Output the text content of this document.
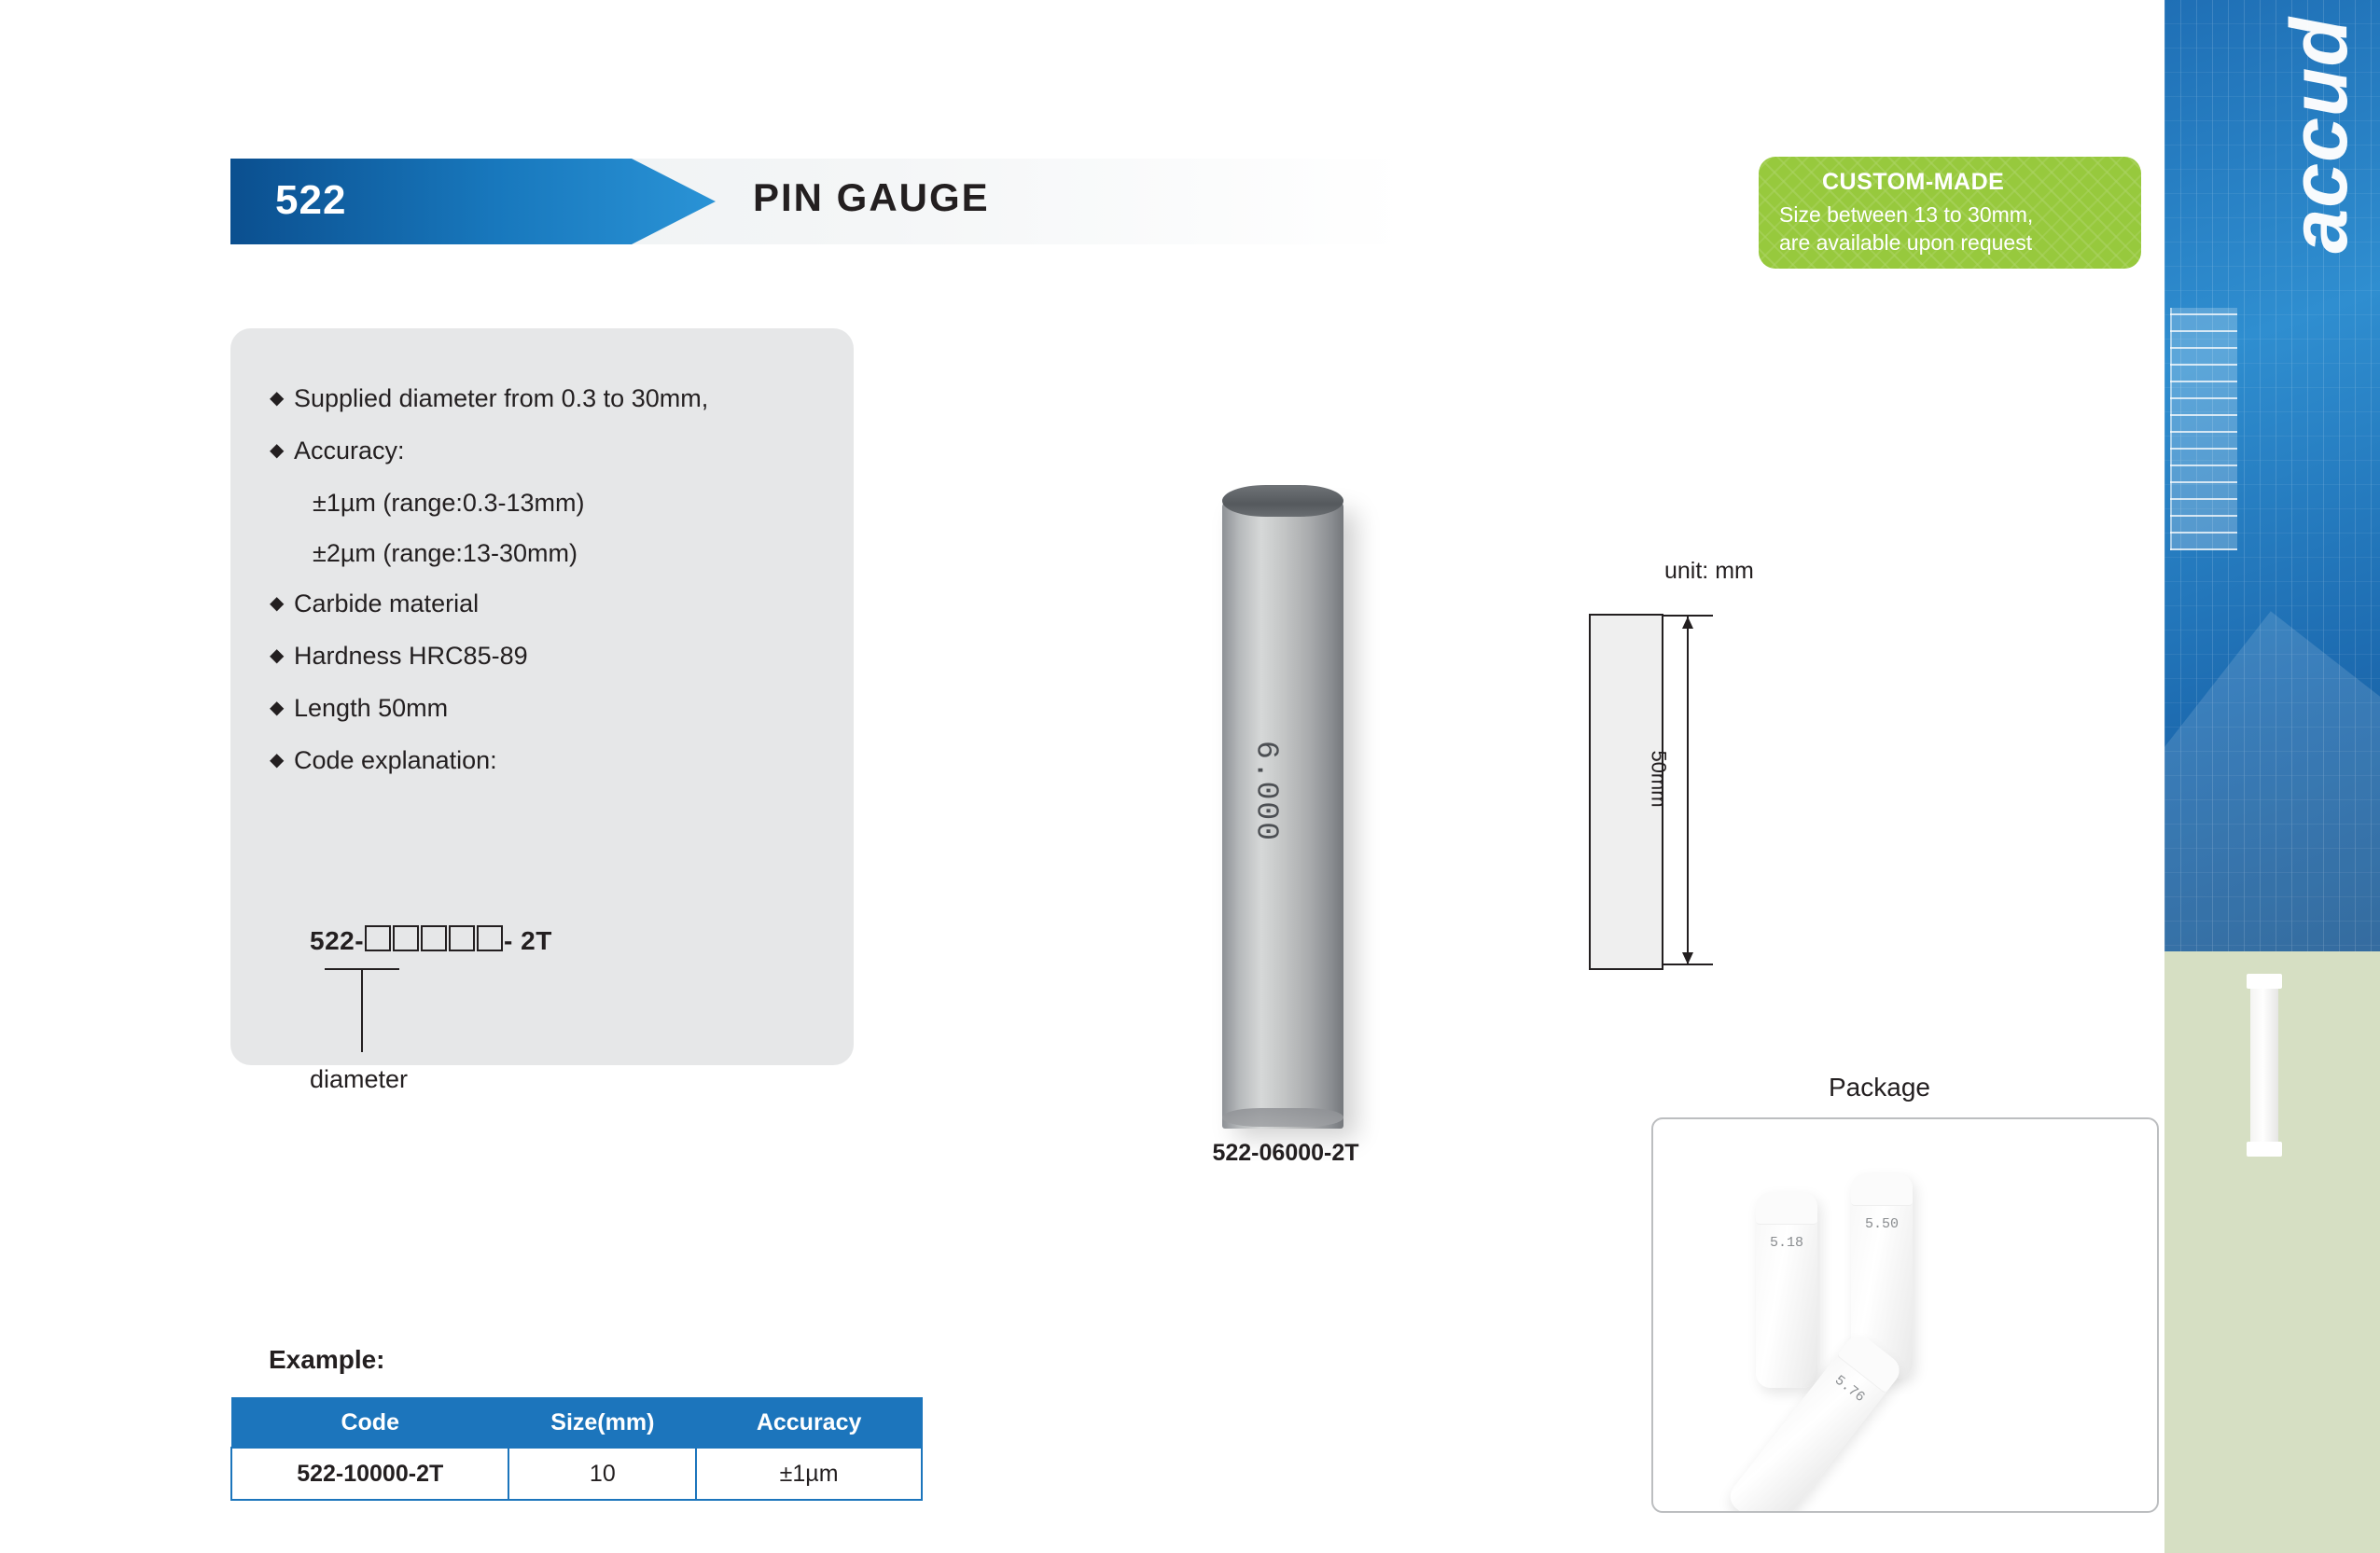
accud
522	PIN GAUGE	CUSTOM-MADE
Size between 13 to 30mm,
are available upon request
◆ Supplied diameter from 0.3 to 30mm,
◆ Accuracy:
±1µm (range:0.3-13mm)
±2µm (range:13-30mm)
◆ Carbide material
◆ Hardness HRC85-89
◆ Length 50mm
◆ Code explanation:
522-	- 2T
diameter
6.000
522-06000-2T
unit: mm
50mm
Package
5.18
5.50
5.76
Example:
Code	Size(mm)	Accuracy
522-10000-2T	10	±1µm
